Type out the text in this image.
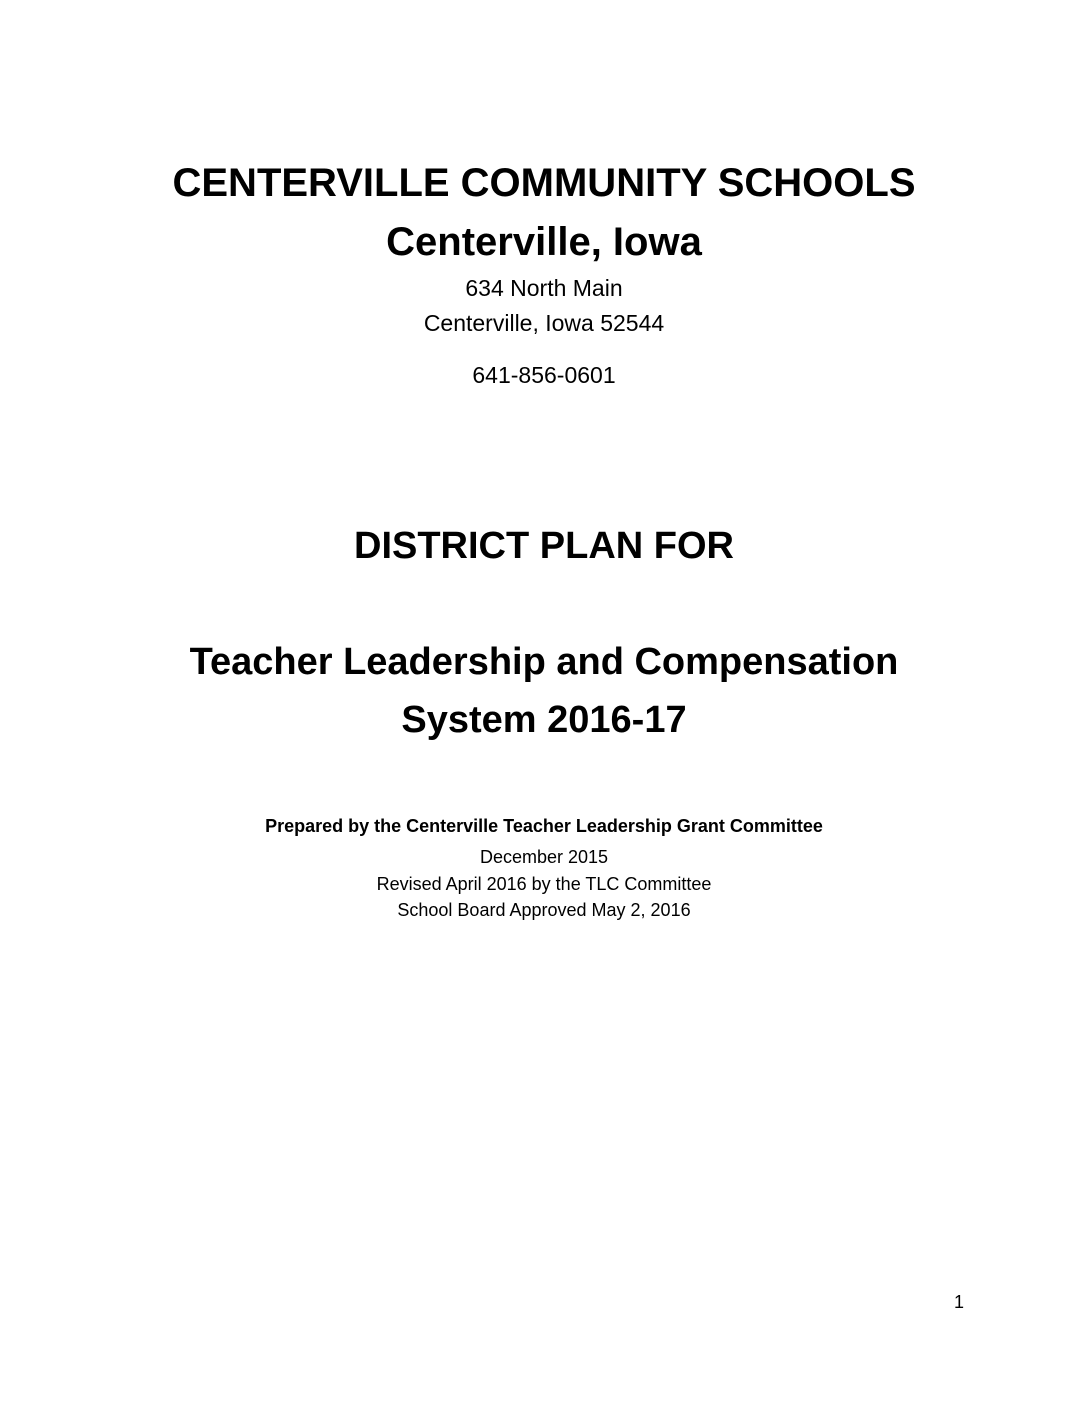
CENTERVILLE COMMUNITY SCHOOLS
Centerville, Iowa
634 North Main
Centerville, Iowa 52544
641-856-0601
DISTRICT PLAN FOR
Teacher Leadership and Compensation
System 2016-17
Prepared by the Centerville Teacher Leadership Grant Committee
December 2015
Revised April 2016 by the TLC Committee
School Board Approved May 2, 2016
1
